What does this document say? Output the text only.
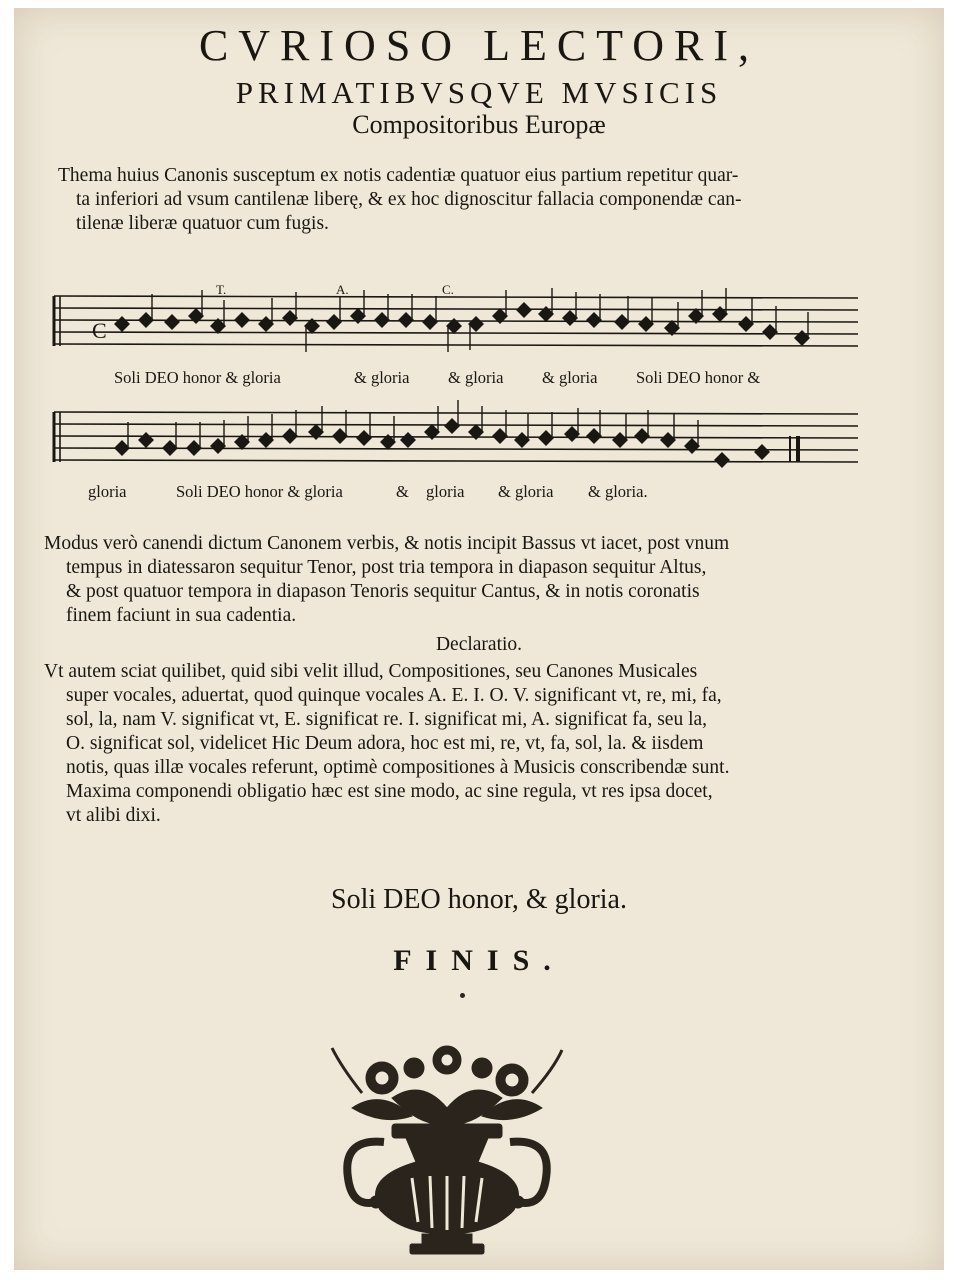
CVRIOSO LECTORI,
PRIMATIBVSQVE MVSICIS
Compositoribus Europæ

Thema huius Canonis susceptum ex notis cadentiæ quatuor eius partium repetitur quar-
ta inferiori ad vsum cantilenæ liberę, & ex hoc dignoscitur fallacia componendæ can-
tilenæ liberæ quatuor cum fugis.

C
T.	A.	C.
Soli DEO honor & gloria	& gloria & gloria & gloria Soli DEO honor &
gloria	Soli DEO honor & gloria	& gloria & gloria & gloria.

Modus verò canendi dictum Canonem verbis, & notis incipit Bassus vt iacet, post vnum
tempus in diatessaron sequitur Tenor, post tria tempora in diapason sequitur Altus,
& post quatuor tempora in diapason Tenoris sequitur Cantus, & in notis coronatis
finem faciunt in sua cadentia.

Declaratio.

Vt autem sciat quilibet, quid sibi velit illud, Compositiones, seu Canones Musicales
super vocales, aduertat, quod quinque vocales A. E. I. O. V. significant vt, re, mi, fa,
sol, la, nam V. significat vt, E. significat re. I. significat mi, A. significat fa, seu la,
O. significat sol, videlicet Hic Deum adora, hoc est mi, re, vt, fa, sol, la. & iisdem
notis, quas illæ vocales referunt, optimè compositiones à Musicis conscribendæ sunt.
Maxima componendi obligatio hæc est sine modo, ac sine regula, vt res ipsa docet,
vt alibi dixi.

Soli DEO honor, & gloria.
FINIS.
